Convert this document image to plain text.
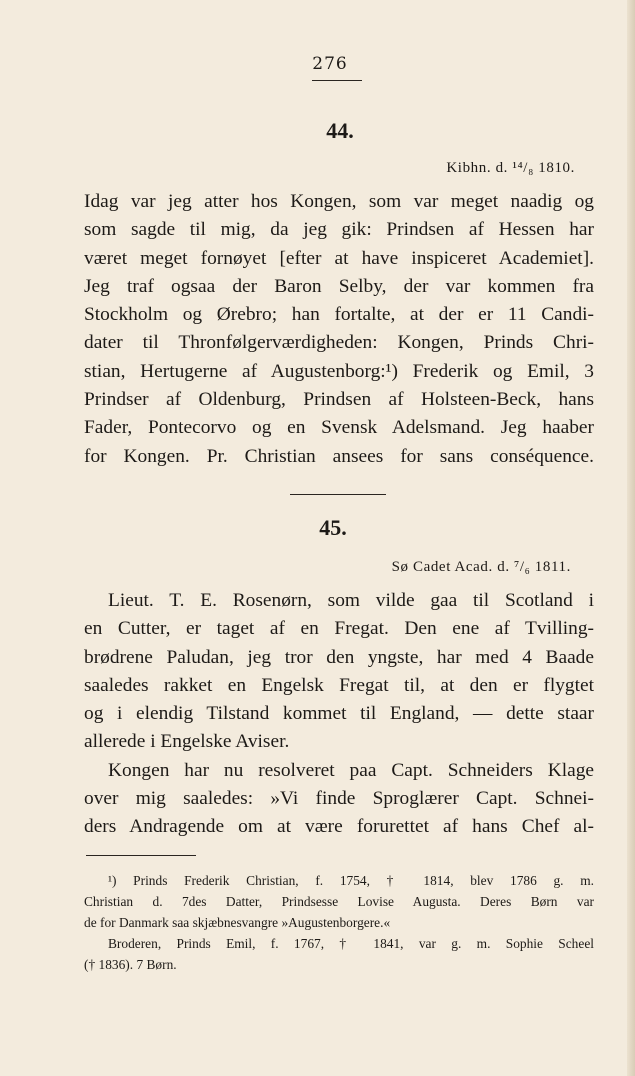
276
44.
Kibhn. d. ¹⁴/₈ 1810.
Idag var jeg atter hos Kongen, som var meget naadig og
som sagde til mig, da jeg gik: Prindsen af Hessen har
været meget fornøyet [efter at have inspiceret Academiet].
Jeg traf ogsaa der Baron Selby, der var kommen fra
Stockholm og Ørebro; han fortalte, at der er 11 Candi-
dater til Thronfølgerværdigheden: Kongen, Prinds Chri-
stian, Hertugerne af Augustenborg:¹) Frederik og Emil, 3
Prindser af Oldenburg, Prindsen af Holsteen-Beck, hans
Fader, Pontecorvo og en Svensk Adelsmand. Jeg haaber
for Kongen. Pr. Christian ansees for sans conséquence.
45.
Sø Cadet Acad. d. ⁷/₆ 1811.
Lieut. T. E. Rosenørn, som vilde gaa til Scotland i
en Cutter, er taget af en Fregat. Den ene af Tvilling-
brødrene Paludan, jeg tror den yngste, har med 4 Baade
saaledes rakket en Engelsk Fregat til, at den er flygtet
og i elendig Tilstand kommet til England, — dette staar
allerede i Engelske Aviser.
Kongen har nu resolveret paa Capt. Schneiders Klage
over mig saaledes: »Vi finde Sproglærer Capt. Schnei-
ders Andragende om at være forurettet af hans Chef al-
¹) Prinds Frederik Christian, f. 1754, † 1814, blev 1786 g. m.
Christian d. 7des Datter, Prindsesse Lovise Augusta. Deres Børn var
de for Danmark saa skjæbnesvangre »Augustenborgere.«
Broderen, Prinds Emil, f. 1767, † 1841, var g. m. Sophie Scheel
(† 1836). 7 Børn.
